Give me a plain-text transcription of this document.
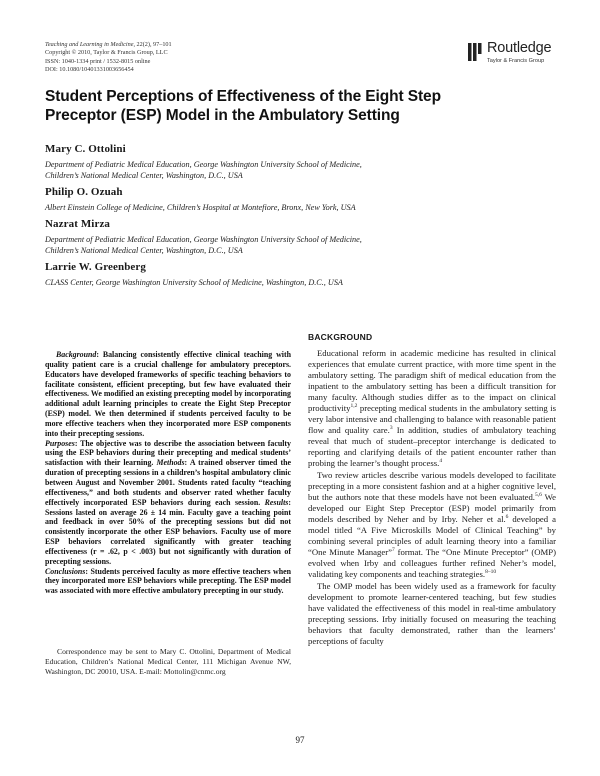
Teaching and Learning in Medicine, 22(2), 97–101
Copyright © 2010, Taylor & Francis Group, LLC
ISSN: 1040-1334 print / 1532-8015 online
DOI: 10.1080/10401331003656454
Routledge
Taylor & Francis Group
Student Perceptions of Effectiveness of the Eight Step Preceptor (ESP) Model in the Ambulatory Setting
Mary C. Ottolini
Department of Pediatric Medical Education, George Washington University School of Medicine,
Children’s National Medical Center, Washington, D.C., USA
Philip O. Ozuah
Albert Einstein College of Medicine, Children’s Hospital at Montefiore, Bronx, New York, USA
Nazrat Mirza
Department of Pediatric Medical Education, George Washington University School of Medicine,
Children’s National Medical Center, Washington, D.C., USA
Larrie W. Greenberg
CLASS Center, George Washington University School of Medicine, Washington, D.C., USA

Background: Balancing consistently effective clinical teaching with quality patient care is a crucial challenge for ambulatory preceptors. Educators have developed frameworks of specific teaching behaviors to facilitate consistent, efficient precepting, but few have evaluated their effectiveness. We modified an existing precepting model by incorporating additional adult learning principles to create the Eight Step Preceptor (ESP) model. We then determined if students perceived faculty to be more effective teachers when they incorporated more ESP components into their precepting sessions.

Purposes: The objective was to describe the association between faculty using the ESP behaviors during their precepting and medical students’ satisfaction with their learning. Methods: A trained observer timed the duration of precepting sessions in a children’s hospital ambulatory clinic between August and November 2001. Students rated faculty “teaching effectiveness,” and both students and observer rated whether faculty effectively incorporated ESP behaviors during each session. Results: Sessions lasted on average 26 ± 14 min. Faculty gave a teaching point and feedback in over 50% of the precepting sessions but did not consistently incorporate the other ESP behaviors. Faculty use of more ESP behaviors correlated significantly with greater teaching effectiveness (r = .62, p < .003) but not significantly with duration of precepting sessions.

Conclusions: Students perceived faculty as more effective teachers when they incorporated more ESP behaviors while precepting. The ESP model was associated with more effective ambulatory precepting in our study.

Correspondence may be sent to Mary C. Ottolini, Department of Medical Education, Children’s National Medical Center, 111 Michigan Avenue NW, Washington, DC 20010, USA. E-mail: Mottolin@cnmc.org
BACKGROUND

Educational reform in academic medicine has resulted in clinical experiences that emulate current practice, with more time spent in the ambulatory setting. The paradigm shift of medical education from the inpatient to the ambulatory setting has been a difficult transition for many faculty. Although studies differ as to the impact on clinical productivity$^{1,2}$ precepting medical students in the ambulatory setting is very labor intensive and challenging to balance with reasonable patient flow and quality care.$^3$ In addition, studies of ambulatory teaching reveal that much of student–preceptor interchange is dedicated to reporting and clarifying details of the patient encounter rather than probing the learner’s thought process.$^4$

Two review articles describe various models developed to facilitate precepting in a more consistent fashion and at a higher cognitive level, but the authors note that these models have not been evaluated.$^{5,6}$ We developed our Eight Step Preceptor (ESP) model primarily from models described by Neher and by Irby. Neher et al.$^6$ developed a model titled “A Five Microskills Model of Clinical Teaching” by combining several principles of adult learning theory into a familiar “One Minute Manager”$^7$ format. The “One Minute Preceptor” (OMP) evolved when Irby and colleagues further refined Neher’s model, validating key components and teaching strategies.$^{8-10}$

The OMP model has been widely used as a framework for faculty development to promote learner-centered teaching, but few studies have validated the effectiveness of this model in real-time ambulatory precepting sessions. Irby initially focused on measuring the teaching behaviors that faculty demonstrated, rather than the learners’ perceptions of faculty

97
